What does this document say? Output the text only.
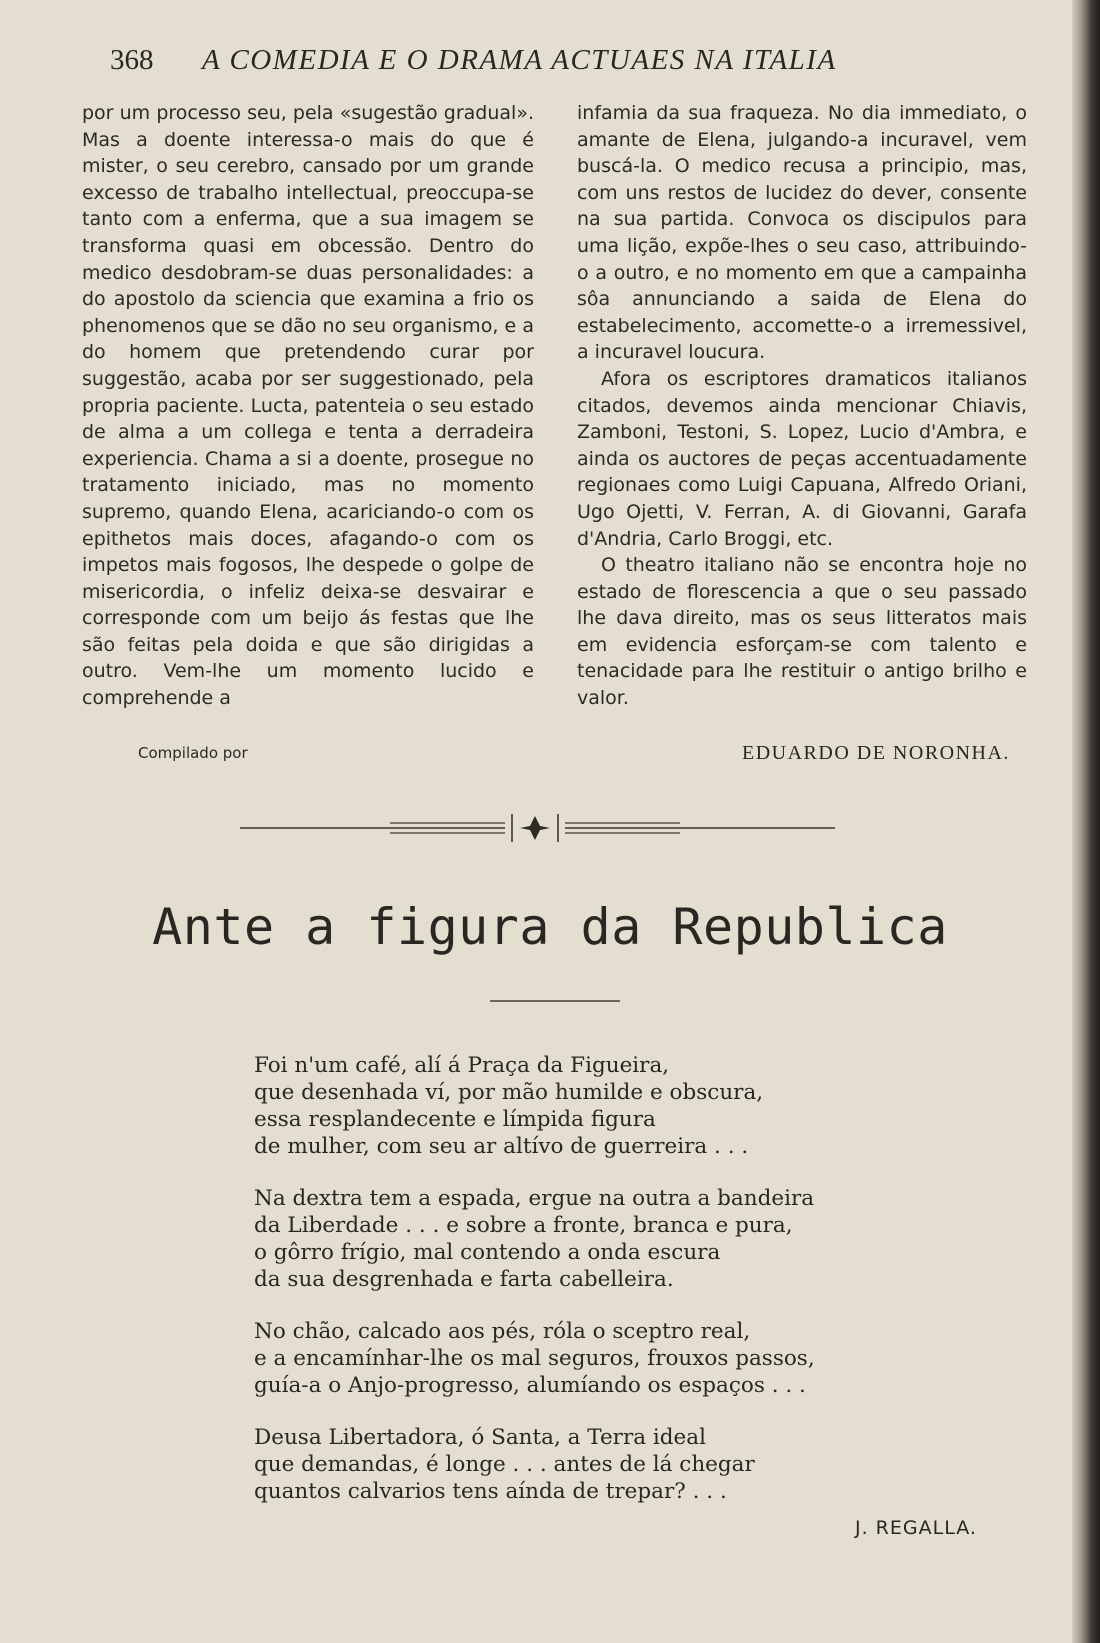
368 A COMEDIA E O DRAMA ACTUAES NA ITALIA

por um processo seu, pela «sugestão gradual». Mas a doente interessa-o mais do que é mister, o seu cerebro, cansado por um grande excesso de trabalho intellectual, preoccupa-se tanto com a enferma, que a sua imagem se transforma quasi em obcessão. Dentro do medico desdobram-se duas personalidades: a do apostolo da sciencia que examina a frio os phenomenos que se dão no seu organismo, e a do homem que pretendendo curar por suggestão, acaba por ser suggestionado, pela propria paciente. Lucta, patenteia o seu estado de alma a um collega e tenta a derradeira experiencia. Chama a si a doente, prosegue no tratamento iniciado, mas no momento supremo, quando Elena, acariciando-o com os epithetos mais doces, afagando-o com os impetos mais fogosos, lhe despede o golpe de misericordia, o infeliz deixa-se desvairar e corresponde com um beijo ás festas que lhe são feitas pela doida e que são dirigidas a outro. Vem-lhe um momento lucido e comprehende a

infamia da sua fraqueza. No dia immediato, o amante de Elena, julgando-a incuravel, vem buscá-la. O medico recusa a principio, mas, com uns restos de lucidez do dever, consente na sua partida. Convoca os discipulos para uma lição, expõe-lhes o seu caso, attribuindo-o a outro, e no momento em que a campainha sôa annunciando a saida de Elena do estabelecimento, accomette-o a irremessivel, a incuravel loucura.

Afora os escriptores dramaticos italianos citados, devemos ainda mencionar Chiavis, Zamboni, Testoni, S. Lopez, Lucio d'Ambra, e ainda os auctores de peças accentuadamente regionaes como Luigi Capuana, Alfredo Oriani, Ugo Ojetti, V. Ferran, A. di Giovanni, Garafa d'Andria, Carlo Broggi, etc.

O theatro italiano não se encontra hoje no estado de florescencia a que o seu passado lhe dava direito, mas os seus litteratos mais em evidencia esforçam-se com talento e tenacidade para lhe restituir o antigo brilho e valor.

Compilado por	EDUARDO DE NORONHA.
Ante a figura da Republica
Foi n'um café, alí á Praça da Figueira,
que desenhada ví, por mão humilde e obscura,
essa resplandecente e límpida figura
de mulher, com seu ar altívo de guerreira . . .
Na dextra tem a espada, ergue na outra a bandeira
da Liberdade . . . e sobre a fronte, branca e pura,
o gôrro frígio, mal contendo a onda escura
da sua desgrenhada e farta cabelleira.
No chão, calcado aos pés, róla o sceptro real,
e a encamínhar-lhe os mal seguros, frouxos passos,
guía-a o Anjo-progresso, alumíando os espaços . . .
Deusa Libertadora, ó Santa, a Terra ideal
que demandas, é longe . . . antes de lá chegar
quantos calvarios tens aínda de trepar? . . .
J. REGALLA.
